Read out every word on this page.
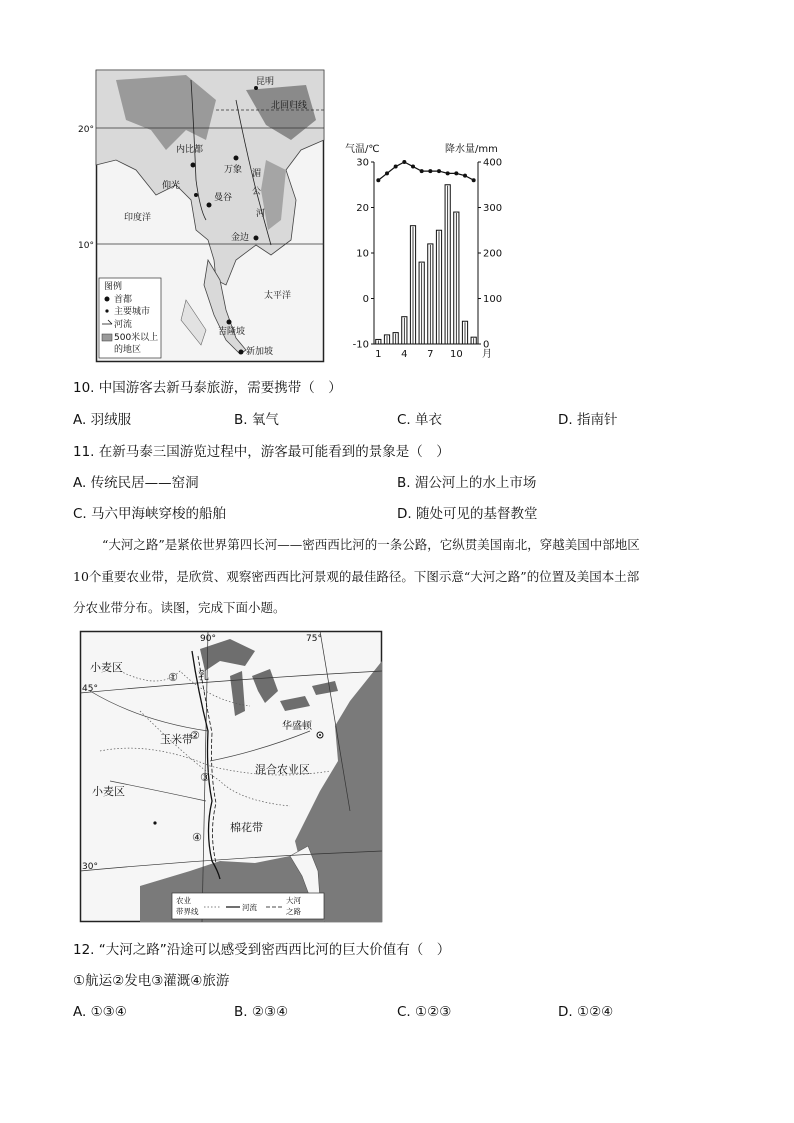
20°
昆明
北回归线
内比都
仰光
万象
曼谷
金边
湄
公
河
印度洋
10°
太平洋
吉隆坡
新加坡
图例
首都
主要城市
河流
500米以上
的地区
气温/℃	降水量/mm
30
20
10
0
-10
400
300
200
100
0
1 4 7 10 月
10. 中国游客去新马泰旅游，需要携带（　）
A. 羽绒服	B. 氧气	C. 单衣	D. 指南针
11. 在新马泰三国游览过程中，游客最可能看到的景象是（　）
A. 传统民居——窑洞	B. 湄公河上的水上市场
C. 马六甲海峡穿梭的船舶	D. 随处可见的基督教堂
“大河之路”是紧依世界第四长河——密西西比河的一条公路，它纵贯美国南北，穿越美国中部地区
10个重要农业带，是欣赏、观察密西西比河景观的最佳路径。下图示意“大河之路”的位置及美国本土部
分农业带分布。读图，完成下面小题。
90°	75°
45°
30°
小麦区
乳
玉米带
混合农业区
小麦区
棉花带
华盛顿
①
②
③
④
农业
带界线	河流
大河
之路
12. “大河之路”沿途可以感受到密西西比河的巨大价值有（　）
①航运②发电③灌溉④旅游
A. ①③④	B. ②③④	C. ①②③	D. ①②④
